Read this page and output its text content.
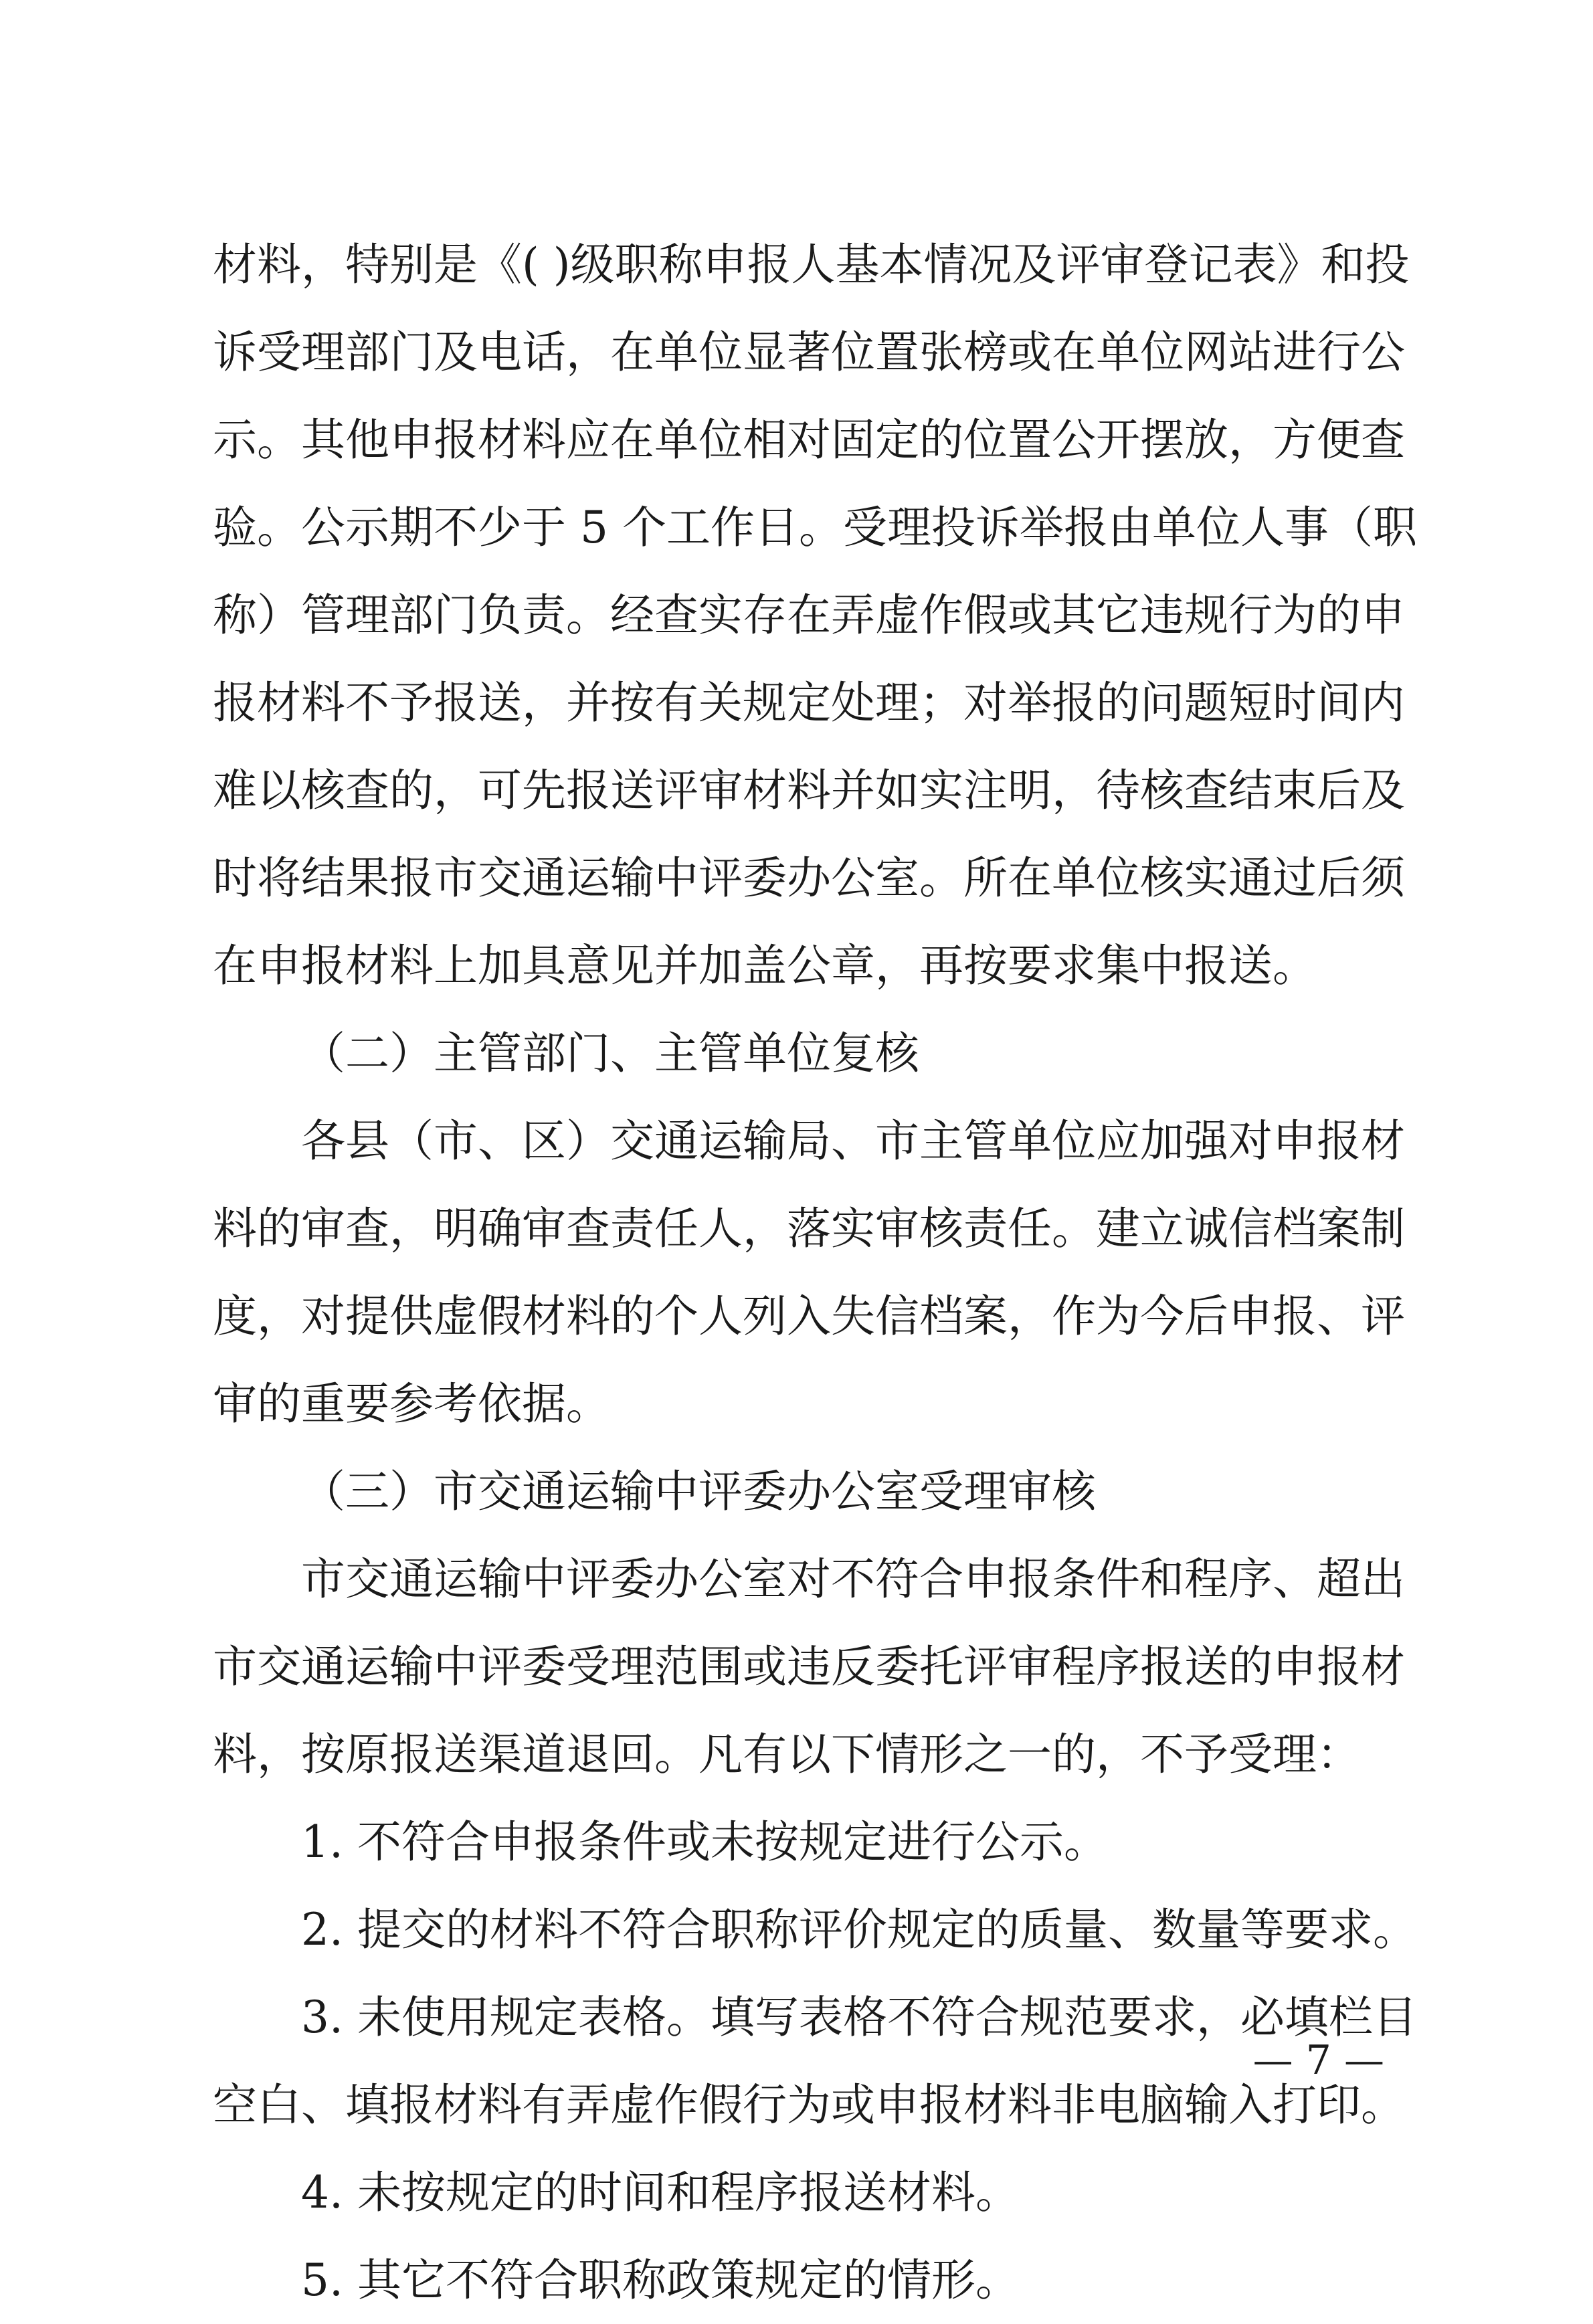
材料，特别是《( )级职称申报人基本情况及评审登记表》和投
诉受理部门及电话，在单位显著位置张榜或在单位网站进行公
示。其他申报材料应在单位相对固定的位置公开摆放，方便查
验。公示期不少于 5 个工作日。受理投诉举报由单位人事（职
称）管理部门负责。经查实存在弄虚作假或其它违规行为的申
报材料不予报送，并按有关规定处理；对举报的问题短时间内
难以核查的，可先报送评审材料并如实注明，待核查结束后及
时将结果报市交通运输中评委办公室。所在单位核实通过后须
在申报材料上加具意见并加盖公章，再按要求集中报送。
（二）主管部门、主管单位复核
各县（市、区）交通运输局、市主管单位应加强对申报材
料的审查，明确审查责任人，落实审核责任。建立诚信档案制
度，对提供虚假材料的个人列入失信档案，作为今后申报、评
审的重要参考依据。
（三）市交通运输中评委办公室受理审核
市交通运输中评委办公室对不符合申报条件和程序、超出
市交通运输中评委受理范围或违反委托评审程序报送的申报材
料，按原报送渠道退回。凡有以下情形之一的，不予受理：
1. 不符合申报条件或未按规定进行公示。
2. 提交的材料不符合职称评价规定的质量、数量等要求。
3. 未使用规定表格。填写表格不符合规范要求，必填栏目
空白、填报材料有弄虚作假行为或申报材料非电脑输入打印。
4. 未按规定的时间和程序报送材料。
5. 其它不符合职称政策规定的情形。
— 7 —
